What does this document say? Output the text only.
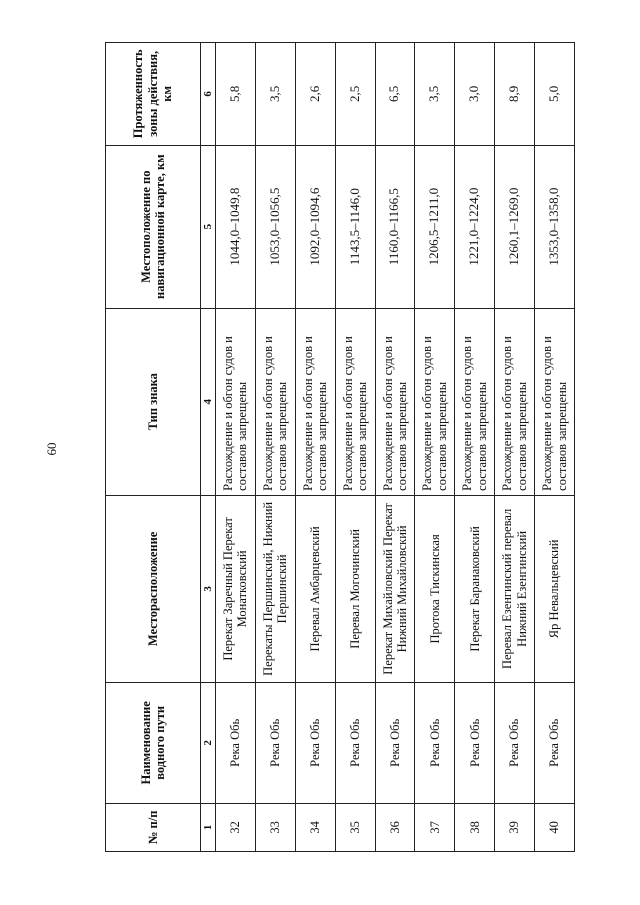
60
№ п/п	Наименование водного пути	Месторасположение	Тип знака	Местоположение по навигационной карте, км	Протяженность зоны действия, км
1	2	3	4	5	6
32	Река Обь	Перекат Заречный Перекат Монатковский	Расхождение и обгон судов и составов запрещены	1044,0–1049,8	5,8
33	Река Обь	Перекаты Першинский, Нижний Першинский	Расхождение и обгон судов и составов запрещены	1053,0–1056,5	3,5
34	Река Обь	Перевал Амбарцевский	Расхождение и обгон судов и составов запрещены	1092,0–1094,6	2,6
35	Река Обь	Перевал Могочинский	Расхождение и обгон судов и составов запрещены	1143,5–1146,0	2,5
36	Река Обь	Перекат Михайловский Перекат Нижний Михайловский	Расхождение и обгон судов и составов запрещены	1160,0–1166,5	6,5
37	Река Обь	Протока Тискинская	Расхождение и обгон судов и составов запрещены	1206,5–1211,0	3,5
38	Река Обь	Перекат Баранаковский	Расхождение и обгон судов и составов запрещены	1221,0–1224,0	3,0
39	Река Обь	Перевал Езенгинский перевал Нижний Езенгинский	Расхождение и обгон судов и составов запрещены	1260,1–1269,0	8,9
40	Река Обь	Яр Невальцевский	Расхождение и обгон судов и составов запрещены	1353,0–1358,0	5,0
